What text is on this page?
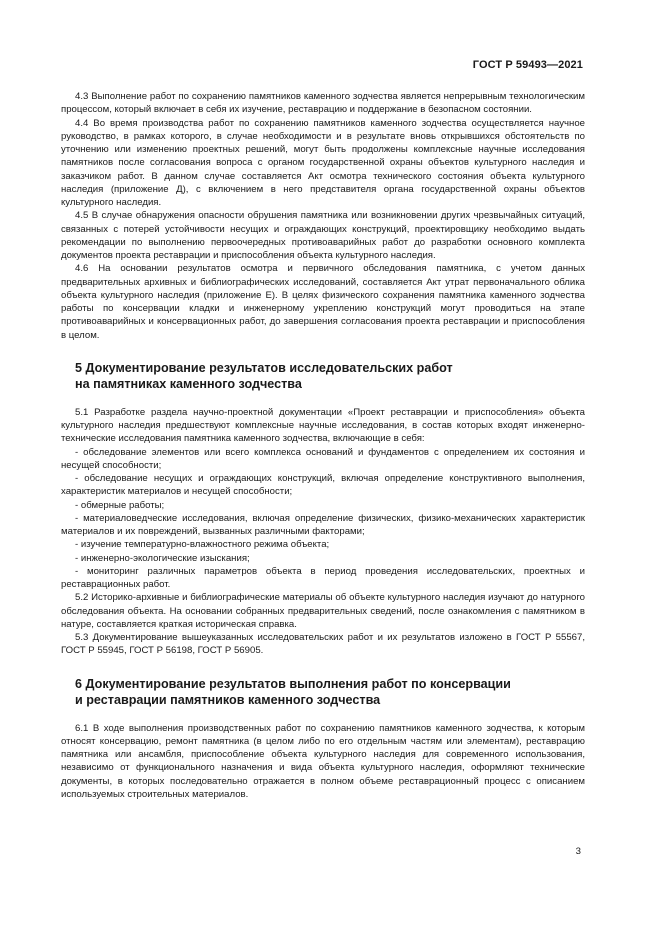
ГОСТ Р 59493—2021

4.3 Выполнение работ по сохранению памятников каменного зодчества является непрерывным технологическим процессом, который включает в себя их изучение, реставрацию и поддержание в безопасном состоянии.

4.4 Во время производства работ по сохранению памятников каменного зодчества осуществляется научное руководство, в рамках которого, в случае необходимости и в результате вновь открывшихся обстоятельств по уточнению или изменению проектных решений, могут быть продолжены комплексные научные исследования памятников после согласования вопроса с органом государственной охраны объектов культурного наследия и заказчиком работ. В данном случае составляется Акт осмотра технического состояния объекта культурного наследия (приложение Д), с включением в него представителя органа государственной охраны объектов культурного наследия.

4.5 В случае обнаружения опасности обрушения памятника или возникновении других чрезвычайных ситуаций, связанных с потерей устойчивости несущих и ограждающих конструкций, проектировщику необходимо выдать рекомендации по выполнению первоочередных противоаварийных работ до разработки основного комплекта документов проекта реставрации и приспособления объекта культурного наследия.

4.6 На основании результатов осмотра и первичного обследования памятника, с учетом данных предварительных архивных и библиографических исследований, составляется Акт утрат первоначального облика объекта культурного наследия (приложение Е). В целях физического сохранения памятника каменного зодчества работы по консервации кладки и инженерному укреплению конструкций могут проводиться на этапе противоаварийных и консервационных работ, до завершения согласования проекта реставрации и приспособления в целом.

5 Документирование результатов исследовательских работ
на памятниках каменного зодчества

5.1 Разработке раздела научно-проектной документации «Проект реставрации и приспособления» объекта культурного наследия предшествуют комплексные научные исследования, в состав которых входят инженерно-технические исследования памятника каменного зодчества, включающие в себя:

- обследование элементов или всего комплекса оснований и фундаментов с определением их состояния и несущей способности;

- обследование несущих и ограждающих конструкций, включая определение конструктивного выполнения, характеристик материалов и несущей способности;

- обмерные работы;

- материаловедческие исследования, включая определение физических, физико-механических характеристик материалов и их повреждений, вызванных различными факторами;

- изучение температурно-влажностного режима объекта;

- инженерно-экологические изыскания;

- мониторинг различных параметров объекта в период проведения исследовательских, проектных и реставрационных работ.

5.2 Историко-архивные и библиографические материалы об объекте культурного наследия изучают до натурного обследования объекта. На основании собранных предварительных сведений, после ознакомления с памятником в натуре, составляется краткая историческая справка.

5.3 Документирование вышеуказанных исследовательских работ и их результатов изложено в ГОСТ Р 55567, ГОСТ Р 55945, ГОСТ Р 56198, ГОСТ Р 56905.

6 Документирование результатов выполнения работ по консервации
и реставрации памятников каменного зодчества

6.1 В ходе выполнения производственных работ по сохранению памятников каменного зодчества, к которым относят консервацию, ремонт памятника (в целом либо по его отдельным частям или элементам), реставрацию памятника или ансамбля, приспособление объекта культурного наследия для современного использования, независимо от функционального назначения и вида объекта культурного наследия, оформляют технические документы, в которых последовательно отражается в полном объеме реставрационный процесс с описанием используемых строительных материалов.

3
